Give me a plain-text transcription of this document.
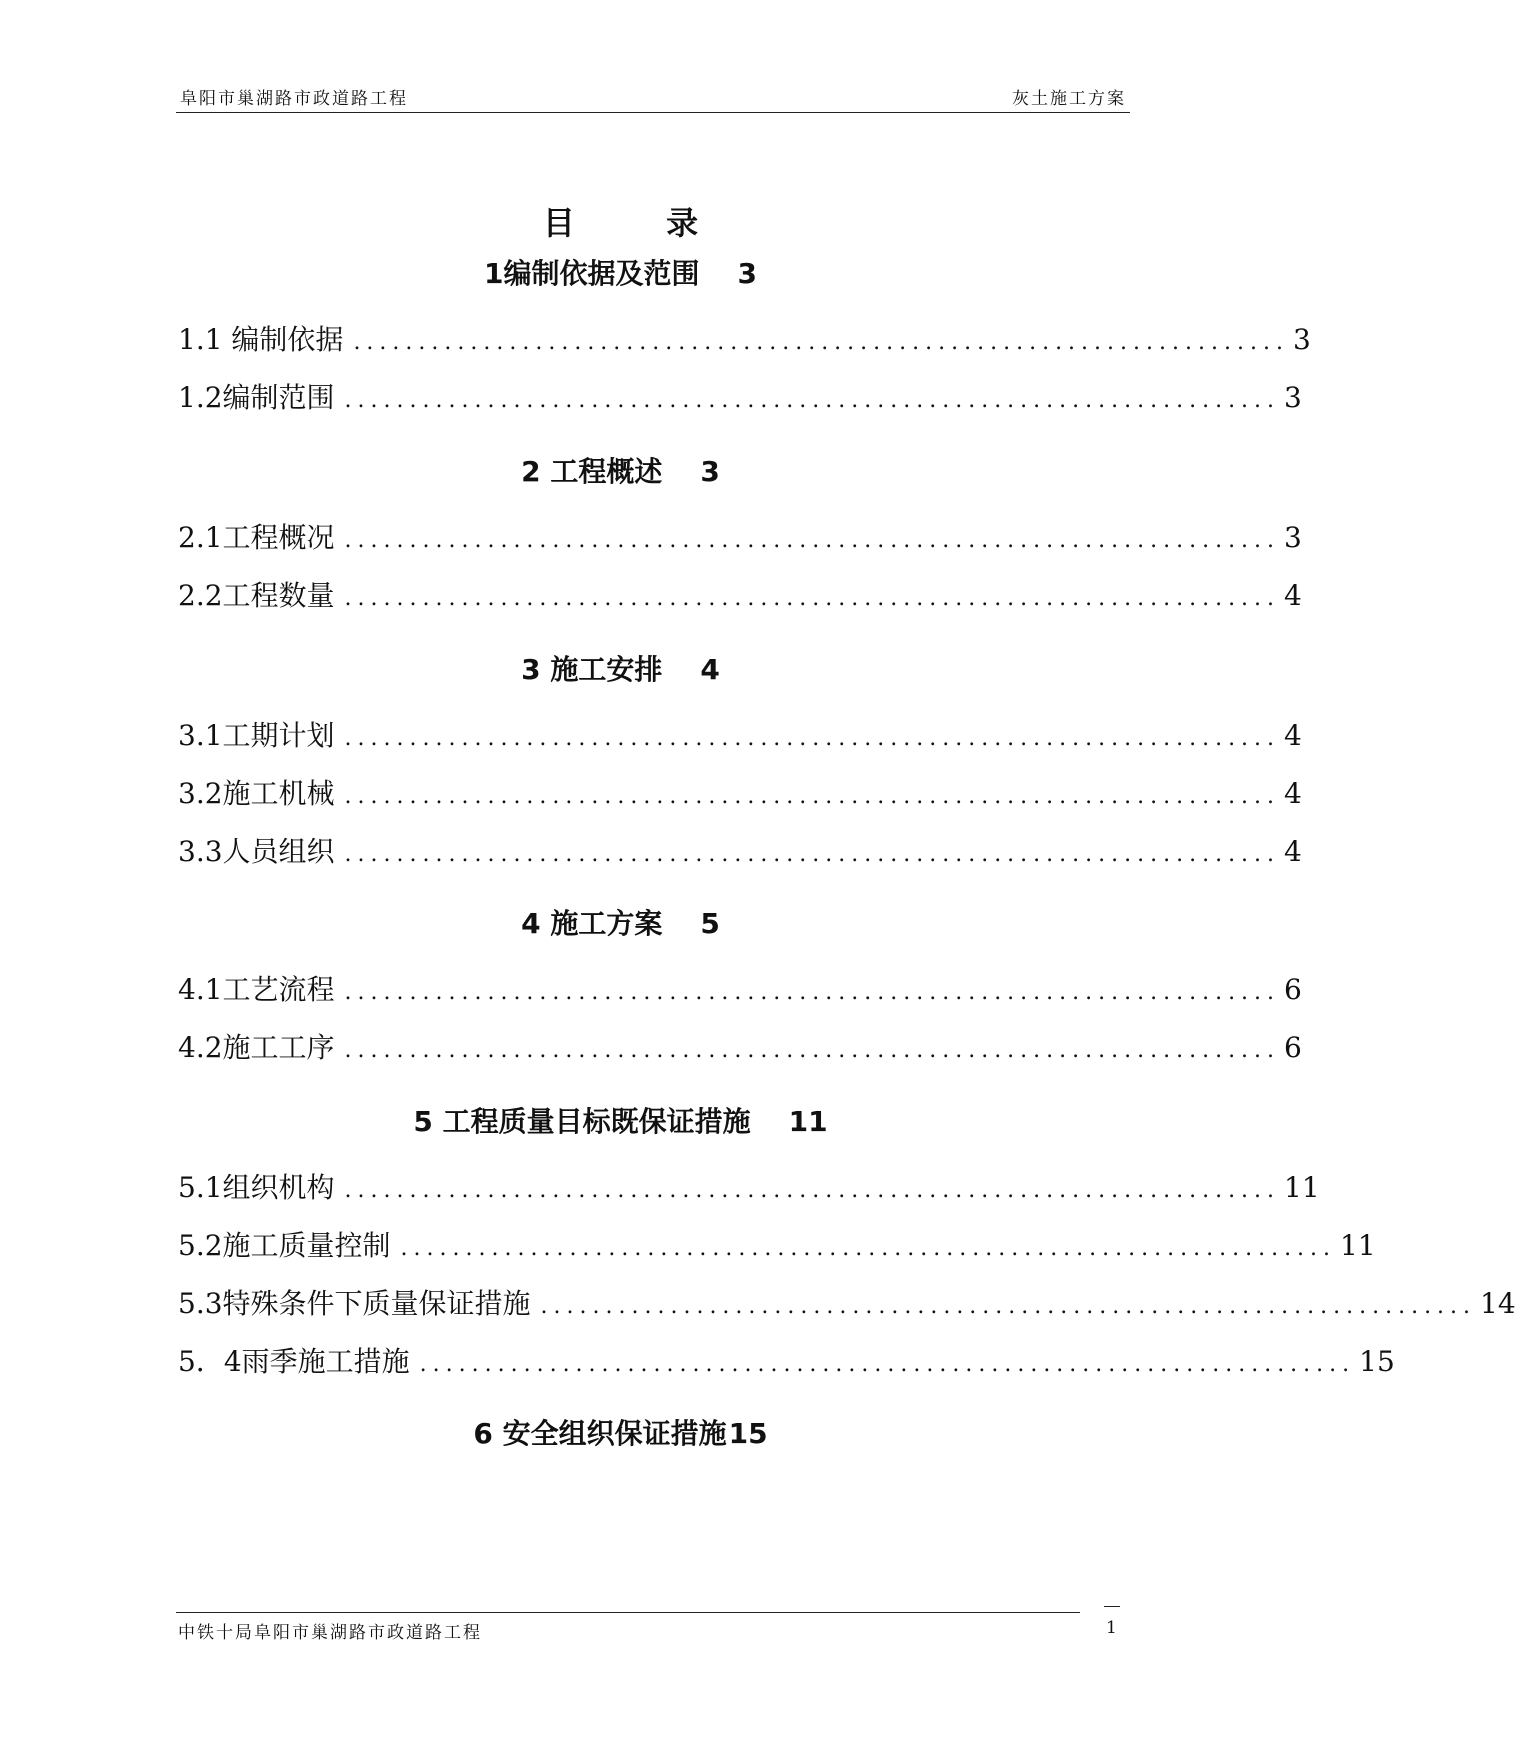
阜阳市巢湖路市政道路工程	灰土施工方案
目 录
1编制依据及范围 3
1.1 编制依据 ........................................................................ 3
1.2编制范围 ........................................................................ 3
2 工程概述 3
2.1工程概况 ........................................................................ 3
2.2工程数量 ........................................................................ 4
3 施工安排 4
3.1工期计划 ........................................................................ 4
3.2施工机械 ........................................................................ 4
3.3人员组织 ........................................................................ 4
4 施工方案 5
4.1工艺流程 ........................................................................ 6
4.2施工工序 ........................................................................ 6
5 工程质量目标既保证措施 11
5.1组织机构 ........................................................................ 11
5.2施工质量控制 ........................................................................ 11
5.3特殊条件下质量保证措施 ........................................................................ 14
5．4雨季施工措施 ........................................................................ 15
6 安全组织保证措施15
中铁十局阜阳市巢湖路市政道路工程	1
